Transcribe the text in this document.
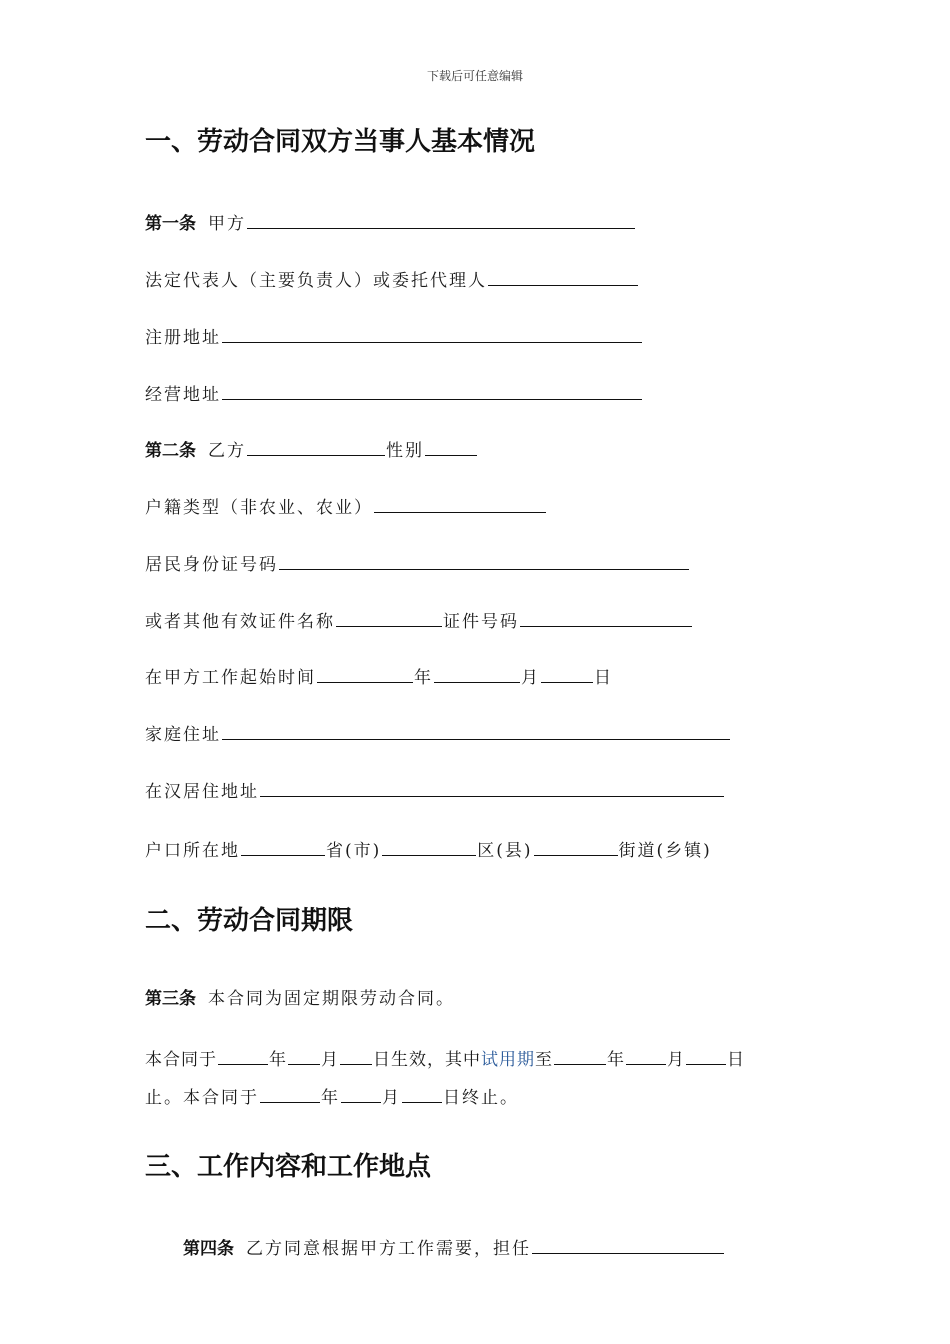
下载后可任意编辑
一、劳动合同双方当事人基本情况
第一条 甲方
法定代表人（主要负责人）或委托代理人
注册地址
经营地址
第二条 乙方	性别
户籍类型（非农业、农业）
居民身份证号码
或者其他有效证件名称	证件号码
在甲方工作起始时间	年	月	日
家庭住址
在汉居住地址
户口所在地	省(市)	区(县)	街道(乡镇)
二、劳动合同期限
第三条 本合同为固定期限劳动合同。
本合同于	年 月 日生效，其中试用期至	年 月 日
止。本合同于	年 月 日终止。
三、工作内容和工作地点
第四条 乙方同意根据甲方工作需要，担任
